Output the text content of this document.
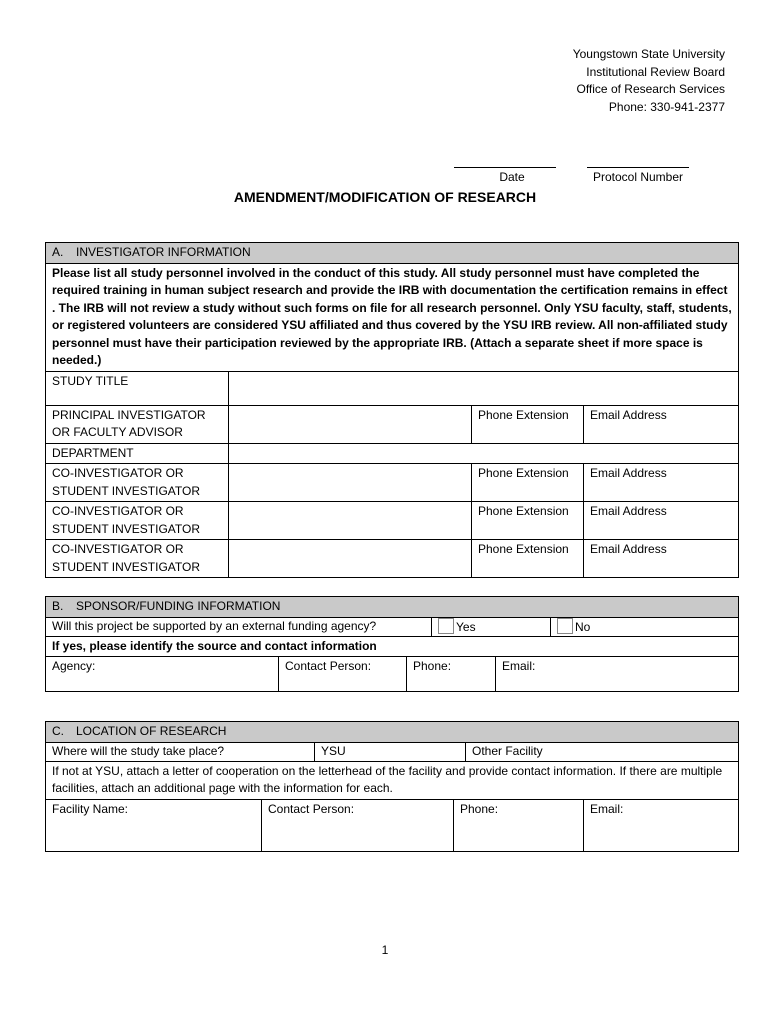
Youngstown State University
Institutional Review Board
Office of Research Services
Phone: 330-941-2377
Date	Protocol Number
AMENDMENT/MODIFICATION OF RESEARCH
A. INVESTIGATOR INFORMATION			
Please list all study personnel involved in the conduct of this study. All study personnel must have completed the required training in human subject research and provide the IRB with documentation the certification remains in effect . The IRB will not review a study without such forms on file for all research personnel. Only YSU faculty, staff, students, or registered volunteers are considered YSU affiliated and thus covered by the YSU IRB review. All non-affiliated study personnel must have their participation reviewed by the appropriate IRB. (Attach a separate sheet if more space is needed.)			
STUDY TITLE			
PRINCIPAL INVESTIGATOR OR FACULTY ADVISOR		Phone Extension	Email Address
DEPARTMENT			
CO-INVESTIGATOR OR STUDENT INVESTIGATOR		Phone Extension	Email Address
CO-INVESTIGATOR OR STUDENT INVESTIGATOR		Phone Extension	Email Address
CO-INVESTIGATOR OR STUDENT INVESTIGATOR		Phone Extension	Email Address
B. SPONSOR/FUNDING INFORMATION

Will this project be supported by an external funding agency?	Yes	No

If yes, please identify the source and contact information
Agency:	Contact Person:	Phone:	Email:
C. LOCATION OF RESEARCH

Where will the study take place?	YSU	Other Facility

If not at YSU, attach a letter of cooperation on the letterhead of the facility and provide contact information. If there are multiple facilities, attach an additional page with the information for each.
Facility Name:	Contact Person:	Phone:	Email:
1
